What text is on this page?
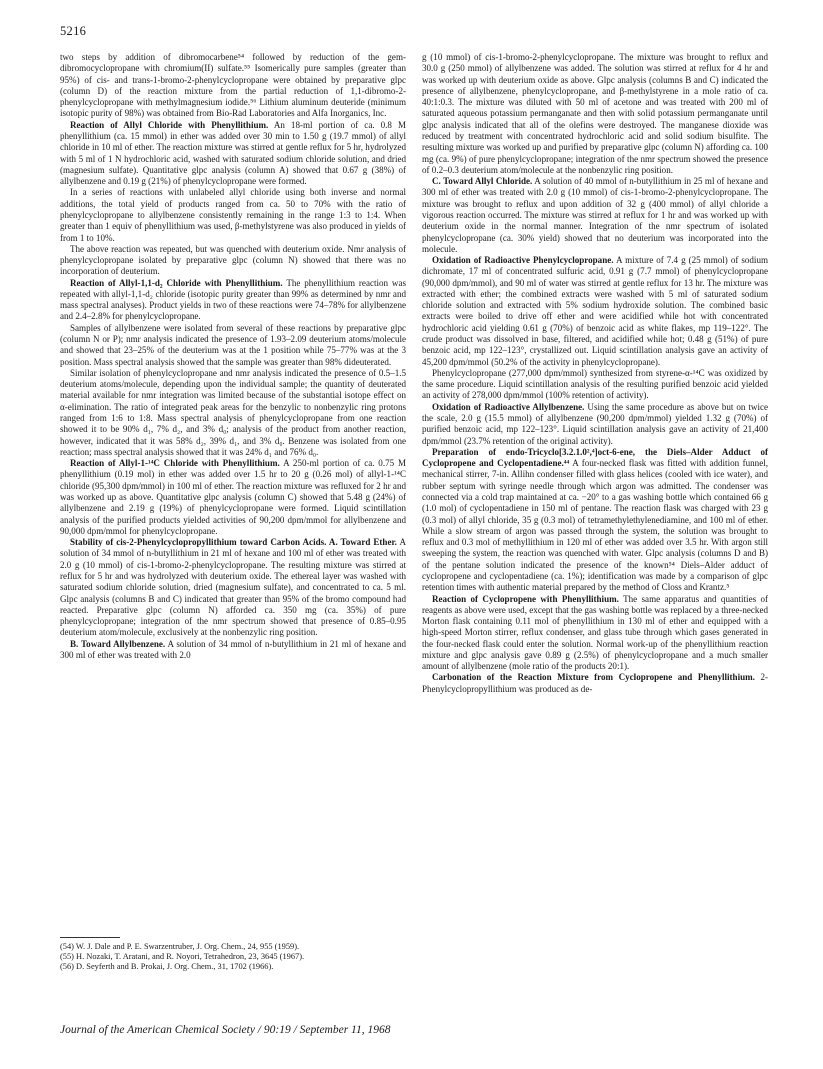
5216

two steps by addition of dibromocarbene⁵⁴ followed by reduction of the gem-dibromocyclopropane with chromium(II) sulfate.⁵⁵ Isomerically pure samples (greater than 95%) of cis- and trans-1-bromo-2-phenylcyclopropane were obtained by preparative glpc (column D) of the reaction mixture from the partial reduction of 1,1-dibromo-2-phenylcyclopropane with methylmagnesium iodide.⁵⁶ Lithium aluminum deuteride (minimum isotopic purity of 98%) was obtained from Bio-Rad Laboratories and Alfa Inorganics, Inc.

Reaction of Allyl Chloride with Phenyllithium. An 18-ml portion of ca. 0.8 M phenyllithium (ca. 15 mmol) in ether was added over 30 min to 1.50 g (19.7 mmol) of allyl chloride in 10 ml of ether. The reaction mixture was stirred at gentle reflux for 5 hr, hydrolyzed with 5 ml of 1 N hydrochloric acid, washed with saturated sodium chloride solution, and dried (magnesium sulfate). Quantitative glpc analysis (column A) showed that 0.67 g (38%) of allylbenzene and 0.19 g (21%) of phenylcyclopropane were formed.

In a series of reactions with unlabeled allyl chloride using both inverse and normal additions, the total yield of products ranged from ca. 50 to 70% with the ratio of phenylcyclopropane to allylbenzene consistently remaining in the range 1:3 to 1:4. When greater than 1 equiv of phenyllithium was used, β-methylstyrene was also produced in yields of from 1 to 10%.

The above reaction was repeated, but was quenched with deuterium oxide. Nmr analysis of phenylcyclopropane isolated by preparative glpc (column N) showed that there was no incorporation of deuterium.

Reaction of Allyl-1,1-d₂ Chloride with Phenyllithium. The phenyllithium reaction was repeated with allyl-1,1-d₂ chloride (isotopic purity greater than 99% as determined by nmr and mass spectral analyses). Product yields in two of these reactions were 74–78% for allylbenzene and 2.4–2.8% for phenylcyclopropane.

Samples of allylbenzene were isolated from several of these reactions by preparative glpc (column N or P); nmr analysis indicated the presence of 1.93–2.09 deuterium atoms/molecule and showed that 23–25% of the deuterium was at the 1 position while 75–77% was at the 3 position. Mass spectral analysis showed that the sample was greater than 98% dideuterated.

Similar isolation of phenylcyclopropane and nmr analysis indicated the presence of 0.5–1.5 deuterium atoms/molecule, depending upon the individual sample; the quantity of deuterated material available for nmr integration was limited because of the substantial isotope effect on α-elimination. The ratio of integrated peak areas for the benzylic to nonbenzylic ring protons ranged from 1:6 to 1:8. Mass spectral analysis of phenylcyclopropane from one reaction showed it to be 90% d₁, 7% d₂, and 3% d₀; analysis of the product from another reaction, however, indicated that it was 58% d₂, 39% d₁, and 3% d₀. Benzene was isolated from one reaction; mass spectral analysis showed that it was 24% d₁ and 76% d₀.

Reaction of Allyl-1-¹⁴C Chloride with Phenyllithium. A 250-ml portion of ca. 0.75 M phenyllithium (0.19 mol) in ether was added over 1.5 hr to 20 g (0.26 mol) of allyl-1-¹⁴C chloride (95,300 dpm/mmol) in 100 ml of ether. The reaction mixture was refluxed for 2 hr and was worked up as above. Quantitative glpc analysis (column C) showed that 5.48 g (24%) of allylbenzene and 2.19 g (19%) of phenylcyclopropane were formed. Liquid scintillation analysis of the purified products yielded activities of 90,200 dpm/mmol for allylbenzene and 90,000 dpm/mmol for phenylcyclopropane.

Stability of cis-2-Phenylcyclopropyllithium toward Carbon Acids. A. Toward Ether. A solution of 34 mmol of n-butyllithium in 21 ml of hexane and 100 ml of ether was treated with 2.0 g (10 mmol) of cis-1-bromo-2-phenylcyclopropane. The resulting mixture was stirred at reflux for 5 hr and was hydrolyzed with deuterium oxide. The ethereal layer was washed with saturated sodium chloride solution, dried (magnesium sulfate), and concentrated to ca. 5 ml. Glpc analysis (columns B and C) indicated that greater than 95% of the bromo compound had reacted. Preparative glpc (column N) afforded ca. 350 mg (ca. 35%) of pure phenylcyclopropane; integration of the nmr spectrum showed that presence of 0.85–0.95 deuterium atom/molecule, exclusively at the nonbenzylic ring position.

B. Toward Allylbenzene. A solution of 34 mmol of n-butyllithium in 21 ml of hexane and 300 ml of ether was treated with 2.0

(54) W. J. Dale and P. E. Swarzentruber, J. Org. Chem., 24, 955 (1959).
(55) H. Nozaki, T. Aratani, and R. Noyori, Tetrahedron, 23, 3645 (1967).
(56) D. Seyferth and B. Prokai, J. Org. Chem., 31, 1702 (1966).

g (10 mmol) of cis-1-bromo-2-phenylcyclopropane. The mixture was brought to reflux and 30.0 g (250 mmol) of allylbenzene was added. The solution was stirred at reflux for 4 hr and was worked up with deuterium oxide as above. Glpc analysis (columns B and C) indicated the presence of allylbenzene, phenylcyclopropane, and β-methylstyrene in a mole ratio of ca. 40:1:0.3. The mixture was diluted with 50 ml of acetone and was treated with 200 ml of saturated aqueous potassium permanganate and then with solid potassium permanganate until glpc analysis indicated that all of the olefins were destroyed. The manganese dioxide was reduced by treatment with concentrated hydrochloric acid and solid sodium bisulfite. The resulting mixture was worked up and purified by preparative glpc (column N) affording ca. 100 mg (ca. 9%) of pure phenylcyclopropane; integration of the nmr spectrum showed the presence of 0.2–0.3 deuterium atom/molecule at the nonbenzylic ring position.

C. Toward Allyl Chloride. A solution of 40 mmol of n-butyllithium in 25 ml of hexane and 300 ml of ether was treated with 2.0 g (10 mmol) of cis-1-bromo-2-phenylcyclopropane. The mixture was brought to reflux and upon addition of 32 g (400 mmol) of allyl chloride a vigorous reaction occurred. The mixture was stirred at reflux for 1 hr and was worked up with deuterium oxide in the normal manner. Integration of the nmr spectrum of isolated phenylcyclopropane (ca. 30% yield) showed that no deuterium was incorporated into the molecule.

Oxidation of Radioactive Phenylcyclopropane. A mixture of 7.4 g (25 mmol) of sodium dichromate, 17 ml of concentrated sulfuric acid, 0.91 g (7.7 mmol) of phenylcyclopropane (90,000 dpm/mmol), and 90 ml of water was stirred at gentle reflux for 13 hr. The mixture was extracted with ether; the combined extracts were washed with 5 ml of saturated sodium chloride solution and extracted with 5% sodium hydroxide solution. The combined basic extracts were boiled to drive off ether and were acidified while hot with concentrated hydrochloric acid yielding 0.61 g (70%) of benzoic acid as white flakes, mp 119–122°. The crude product was dissolved in base, filtered, and acidified while hot; 0.48 g (51%) of pure benzoic acid, mp 122–123°, crystallized out. Liquid scintillation analysis gave an activity of 45,200 dpm/mmol (50.2% of the activity in phenylcyclopropane).

Phenylcyclopropane (277,000 dpm/mmol) synthesized from styrene-α-¹⁴C was oxidized by the same procedure. Liquid scintillation analysis of the resulting purified benzoic acid yielded an activity of 278,000 dpm/mmol (100% retention of activity).

Oxidation of Radioactive Allylbenzene. Using the same procedure as above but on twice the scale, 2.0 g (15.5 mmol) of allylbenzene (90,200 dpm/mmol) yielded 1.32 g (70%) of purified benzoic acid, mp 122–123°. Liquid scintillation analysis gave an activity of 21,400 dpm/mmol (23.7% retention of the original activity).

Preparation of endo-Tricyclo[3.2.1.0²,⁴]oct-6-ene, the Diels–Alder Adduct of Cyclopropene and Cyclopentadiene.⁴⁴ A four-necked flask was fitted with addition funnel, mechanical stirrer, 7-in. Allihn condenser filled with glass helices (cooled with ice water), and rubber septum with syringe needle through which argon was admitted. The condenser was connected via a cold trap maintained at ca. −20° to a gas washing bottle which contained 66 g (1.0 mol) of cyclopentadiene in 150 ml of pentane. The reaction flask was charged with 23 g (0.3 mol) of allyl chloride, 35 g (0.3 mol) of tetramethylethylenediamine, and 100 ml of ether. While a slow stream of argon was passed through the system, the solution was brought to reflux and 0.3 mol of methyllithium in 120 ml of ether was added over 3.5 hr. With argon still sweeping the system, the reaction was quenched with water. Glpc analysis (columns D and B) of the pentane solution indicated the presence of the known⁵⁴ Diels–Alder adduct of cyclopropene and cyclopentadiene (ca. 1%); identification was made by a comparison of glpc retention times with authentic material prepared by the method of Closs and Krantz.⁵

Reaction of Cyclopropene with Phenyllithium. The same apparatus and quantities of reagents as above were used, except that the gas washing bottle was replaced by a three-necked Morton flask containing 0.11 mol of phenyllithium in 130 ml of ether and equipped with a high-speed Morton stirrer, reflux condenser, and glass tube through which gases generated in the four-necked flask could enter the solution. Normal work-up of the phenyllithium reaction mixture and glpc analysis gave 0.89 g (2.5%) of phenylcyclopropane and a much smaller amount of allylbenzene (mole ratio of the products 20:1).

Carbonation of the Reaction Mixture from Cyclopropene and Phenyllithium. 2-Phenylcyclopropyllithium was produced as de-

Journal of the American Chemical Society / 90:19 / September 11, 1968
